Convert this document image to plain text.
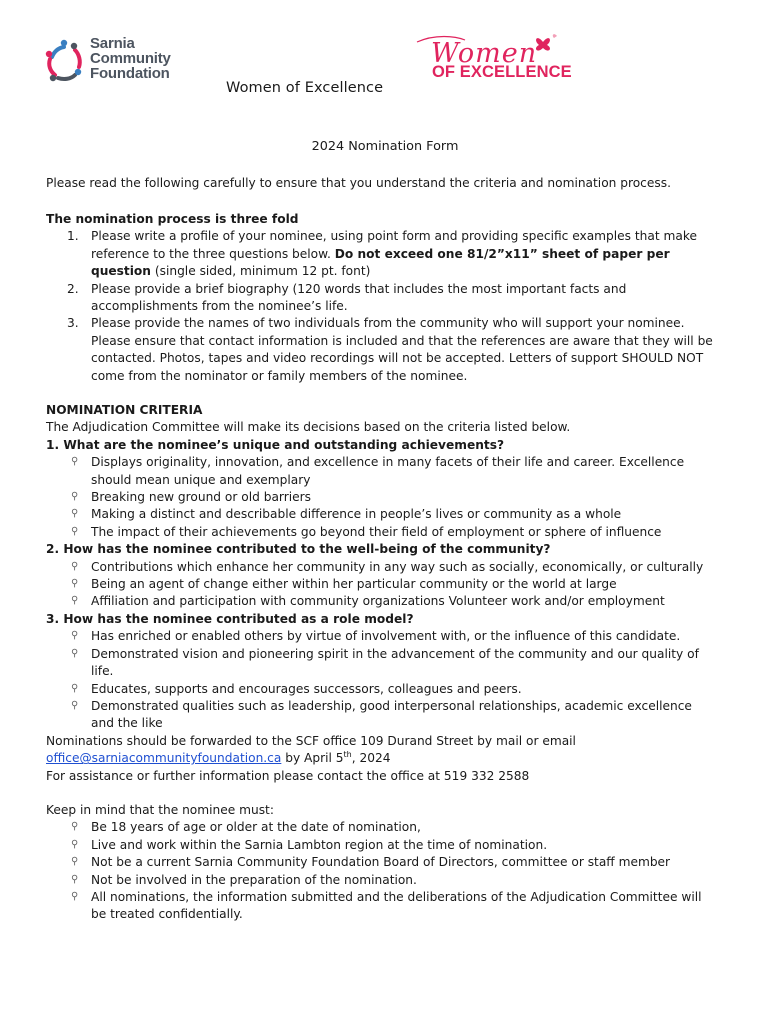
Sarnia
Community
Foundation
Women
OF EXCELLENCE
Women of Excellence
2024 Nomination Form

Please read the following carefully to ensure that you understand the criteria and nomination process.

The nomination process is three fold

1. Please write a profile of your nominee, using point form and providing specific examples that make reference to the three questions below. Do not exceed one 81/2”x11” sheet of paper per question (single sided, minimum 12 pt. font)
2. Please provide a brief biography (120 words that includes the most important facts and accomplishments from the nominee’s life.
3. Please provide the names of two individuals from the community who will support your nominee. Please ensure that contact information is included and that the references are aware that they will be contacted. Photos, tapes and video recordings will not be accepted. Letters of support SHOULD NOT come from the nominator or family members of the nominee.

NOMINATION CRITERIA

The Adjudication Committee will make its decisions based on the criteria listed below.

1. What are the nominee’s unique and outstanding achievements?

⚲ Displays originality, innovation, and excellence in many facets of their life and career. Excellence should mean unique and exemplary
⚲ Breaking new ground or old barriers
⚲ Making a distinct and describable difference in people’s lives or community as a whole
⚲ The impact of their achievements go beyond their field of employment or sphere of influence

2. How has the nominee contributed to the well-being of the community?

⚲ Contributions which enhance her community in any way such as socially, economically, or culturally
⚲ Being an agent of change either within her particular community or the world at large
⚲ Affiliation and participation with community organizations Volunteer work and/or employment

3. How has the nominee contributed as a role model?

⚲ Has enriched or enabled others by virtue of involvement with, or the influence of this candidate.
⚲ Demonstrated vision and pioneering spirit in the advancement of the community and our quality of life.
⚲ Educates, supports and encourages successors, colleagues and peers.
⚲ Demonstrated qualities such as leadership, good interpersonal relationships, academic excellence and the like

Nominations should be forwarded to the SCF office 109 Durand Street by mail or email

office@sarniacommunityfoundation.ca by April 5th, 2024

For assistance or further information please contact the office at 519 332 2588

Keep in mind that the nominee must:

⚲ Be 18 years of age or older at the date of nomination,
⚲ Live and work within the Sarnia Lambton region at the time of nomination.
⚲ Not be a current Sarnia Community Foundation Board of Directors, committee or staff member
⚲ Not be involved in the preparation of the nomination.
⚲ All nominations, the information submitted and the deliberations of the Adjudication Committee will be treated confidentially.
